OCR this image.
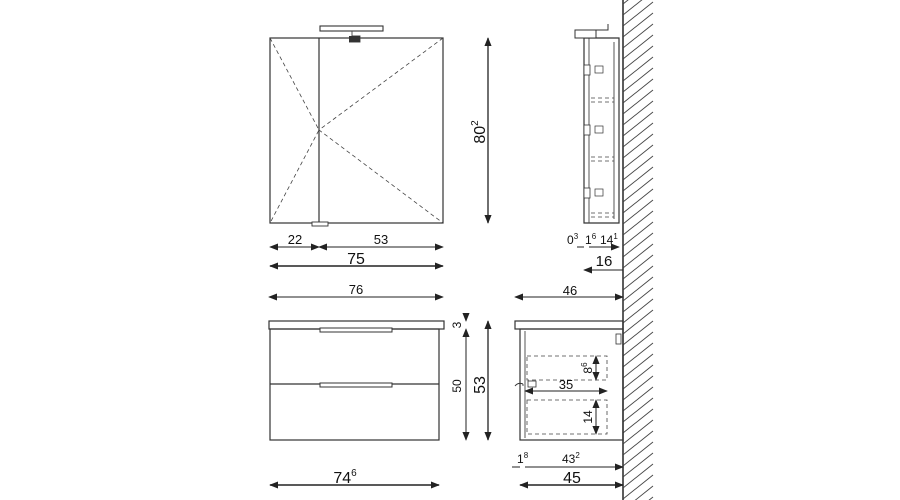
22	53
75
$80^2$
$0^3$ $1^6$ $14^1$
16
76
3
50 53
$74^6$
46
$8^6$
35
14
$1^8$	$43^2$
45
